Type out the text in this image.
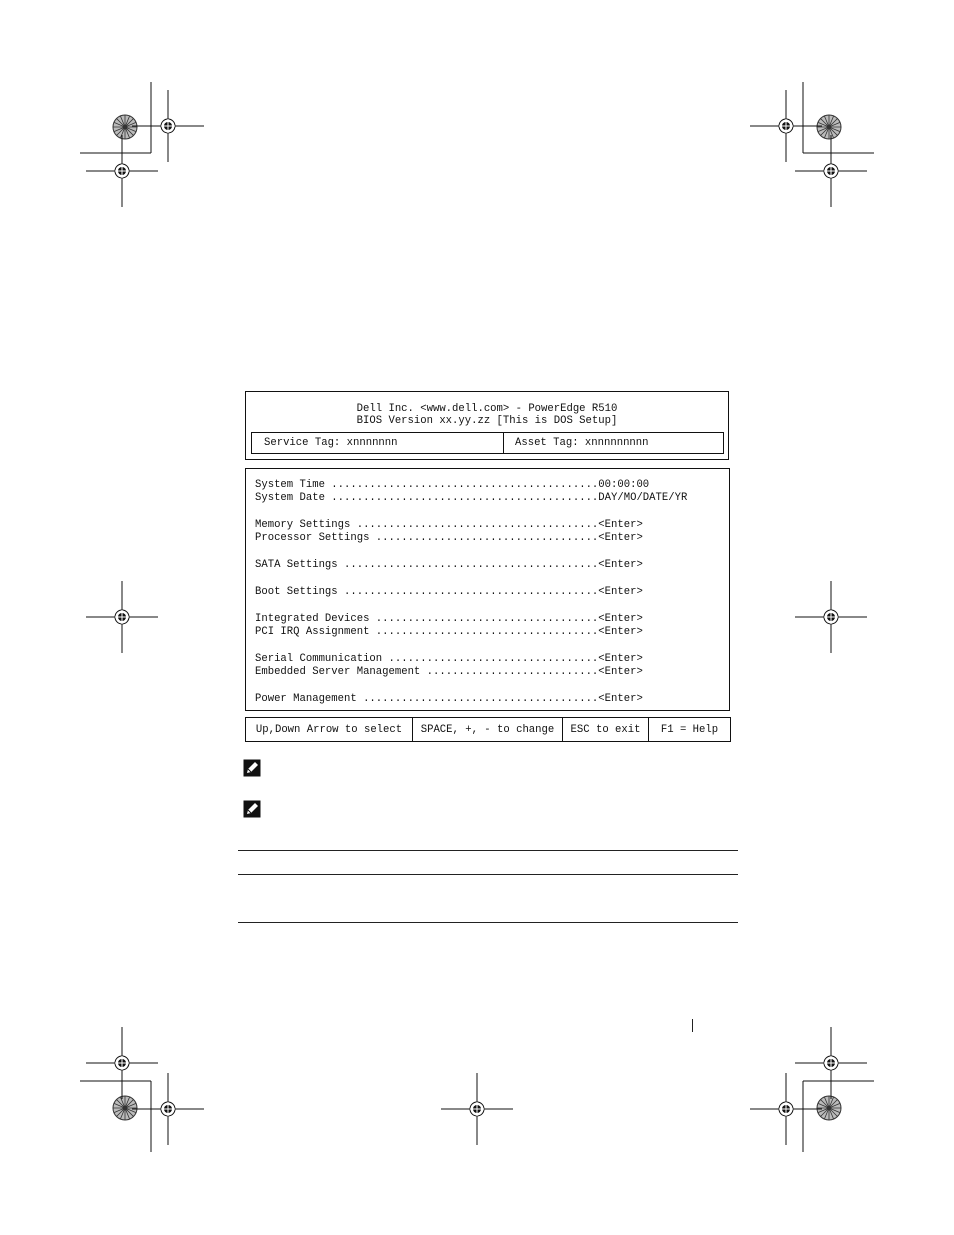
Dell Inc. <www.dell.com> - PowerEdge R510
BIOS Version xx.yy.zz [This is DOS Setup]
Service Tag: xnnnnnnn	Asset Tag: xnnnnnnnnn
System Time ..........................................00:00:00
System Date ..........................................DAY/MO/DATE/YR
Memory Settings ......................................<Enter>
Processor Settings ...................................<Enter>
SATA Settings ........................................<Enter>
Boot Settings ........................................<Enter>
Integrated Devices ...................................<Enter>
PCI IRQ Assignment ...................................<Enter>
Serial Communication .................................<Enter>
Embedded Server Management ...........................<Enter>
Power Management .....................................<Enter>
Up,Down Arrow to select	SPACE, +, - to change	ESC to exit	F1 = Help
